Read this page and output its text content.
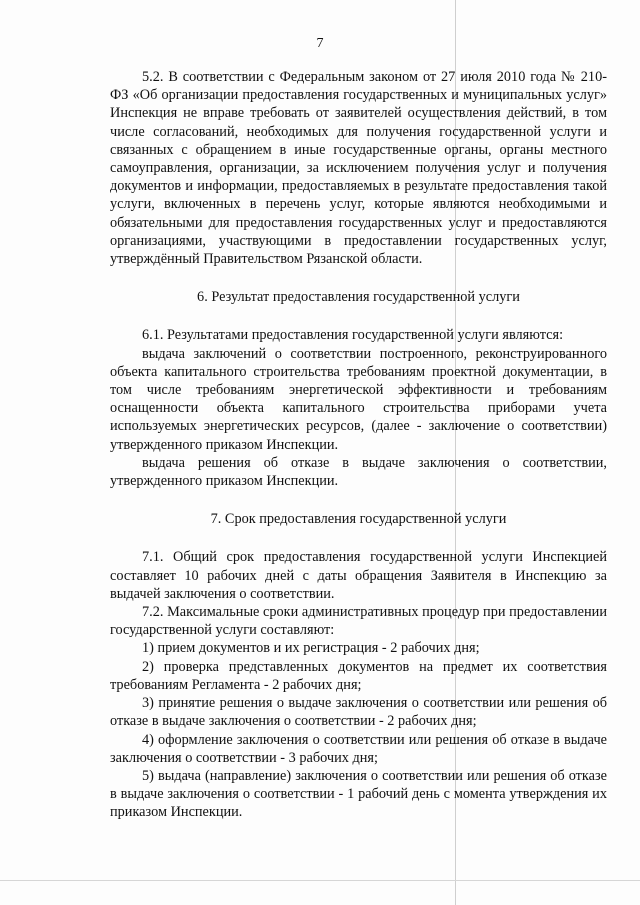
7

5.2. В соответствии с Федеральным законом от 27 июля 2010 года № 210-ФЗ «Об организации предоставления государственных и муниципальных услуг» Инспекция не вправе требовать от заявителей осуществления действий, в том числе согласований, необходимых для получения государственной услуги и связанных с обращением в иные государственные органы, органы местного самоуправления, организации, за исключением получения услуг и получения документов и информации, предоставляемых в результате предоставления такой услуги, включенных в перечень услуг, которые являются необходимыми и обязательными для предоставления государственных услуг и предоставляются организациями, участвующими в предоставлении государственных услуг, утверждённый Правительством Рязанской области.

6. Результат предоставления государственной услуги

6.1. Результатами предоставления государственной услуги являются:

выдача заключений о соответствии построенного, реконструированного объекта капитального строительства требованиям проектной документации, в том числе требованиям энергетической эффективности и требованиям оснащенности объекта капитального строительства приборами учета используемых энергетических ресурсов, (далее - заключение о соответствии) утвержденного приказом Инспекции.

выдача решения об отказе в выдаче заключения о соответствии, утвержденного приказом Инспекции.

7. Срок предоставления государственной услуги

7.1. Общий срок предоставления государственной услуги Инспекцией составляет 10 рабочих дней с даты обращения Заявителя в Инспекцию за выдачей заключения о соответствии.

7.2. Максимальные сроки административных процедур при предоставлении государственной услуги составляют:

1) прием документов и их регистрация - 2 рабочих дня;

2) проверка представленных документов на предмет их соответствия требованиям Регламента - 2 рабочих дня;

3) принятие решения о выдаче заключения о соответствии или решения об отказе в выдаче заключения о соответствии - 2 рабочих дня;

4) оформление заключения о соответствии или решения об отказе в выдаче заключения о соответствии - 3 рабочих дня;

5) выдача (направление) заключения о соответствии или решения об отказе в выдаче заключения о соответствии - 1 рабочий день с момента утверждения их приказом Инспекции.
